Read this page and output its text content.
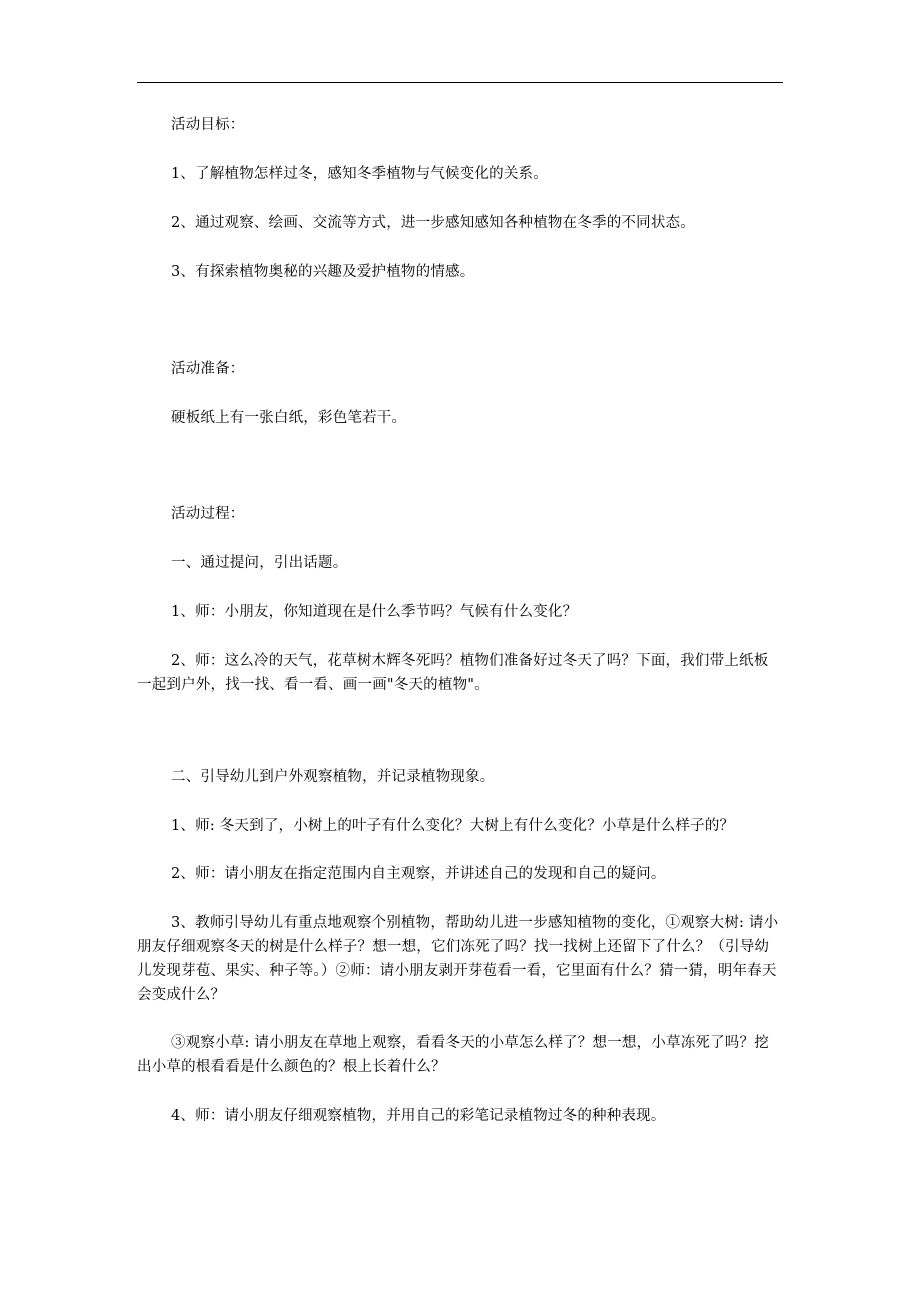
活动目标：

1、了解植物怎样过冬，感知冬季植物与气候变化的关系。

2、通过观察、绘画、交流等方式，进一步感知感知各种植物在冬季的不同状态。

3、有探索植物奥秘的兴趣及爱护植物的情感。

活动准备：

硬板纸上有一张白纸，彩色笔若干。

活动过程：

一、通过提问，引出话题。

1、师：小朋友，你知道现在是什么季节吗？气候有什么变化？

2、师：这么冷的天气，花草树木辉冬死吗？植物们准备好过冬天了吗？下面，我们带上纸板一起到户外，找一找、看一看、画一画"冬天的植物"。

二、引导幼儿到户外观察植物，并记录植物现象。

1、师: 冬天到了，小树上的叶子有什么变化？大树上有什么变化？小草是什么样子的？

2、师：请小朋友在指定范围内自主观察，并讲述自己的发现和自己的疑问。

3、教师引导幼儿有重点地观察个别植物，帮助幼儿进一步感知植物的变化，①观察大树: 请小朋友仔细观察冬天的树是什么样子？想一想，它们冻死了吗？找一找树上还留下了什么？（引导幼儿发现芽苞、果实、种子等。）②师：请小朋友剥开芽苞看一看，它里面有什么？猜一猜，明年春天会变成什么？

③观察小草: 请小朋友在草地上观察，看看冬天的小草怎么样了？想一想，小草冻死了吗？挖出小草的根看看是什么颜色的？根上长着什么？

4、师：请小朋友仔细观察植物，并用自己的彩笔记录植物过冬的种种表现。
